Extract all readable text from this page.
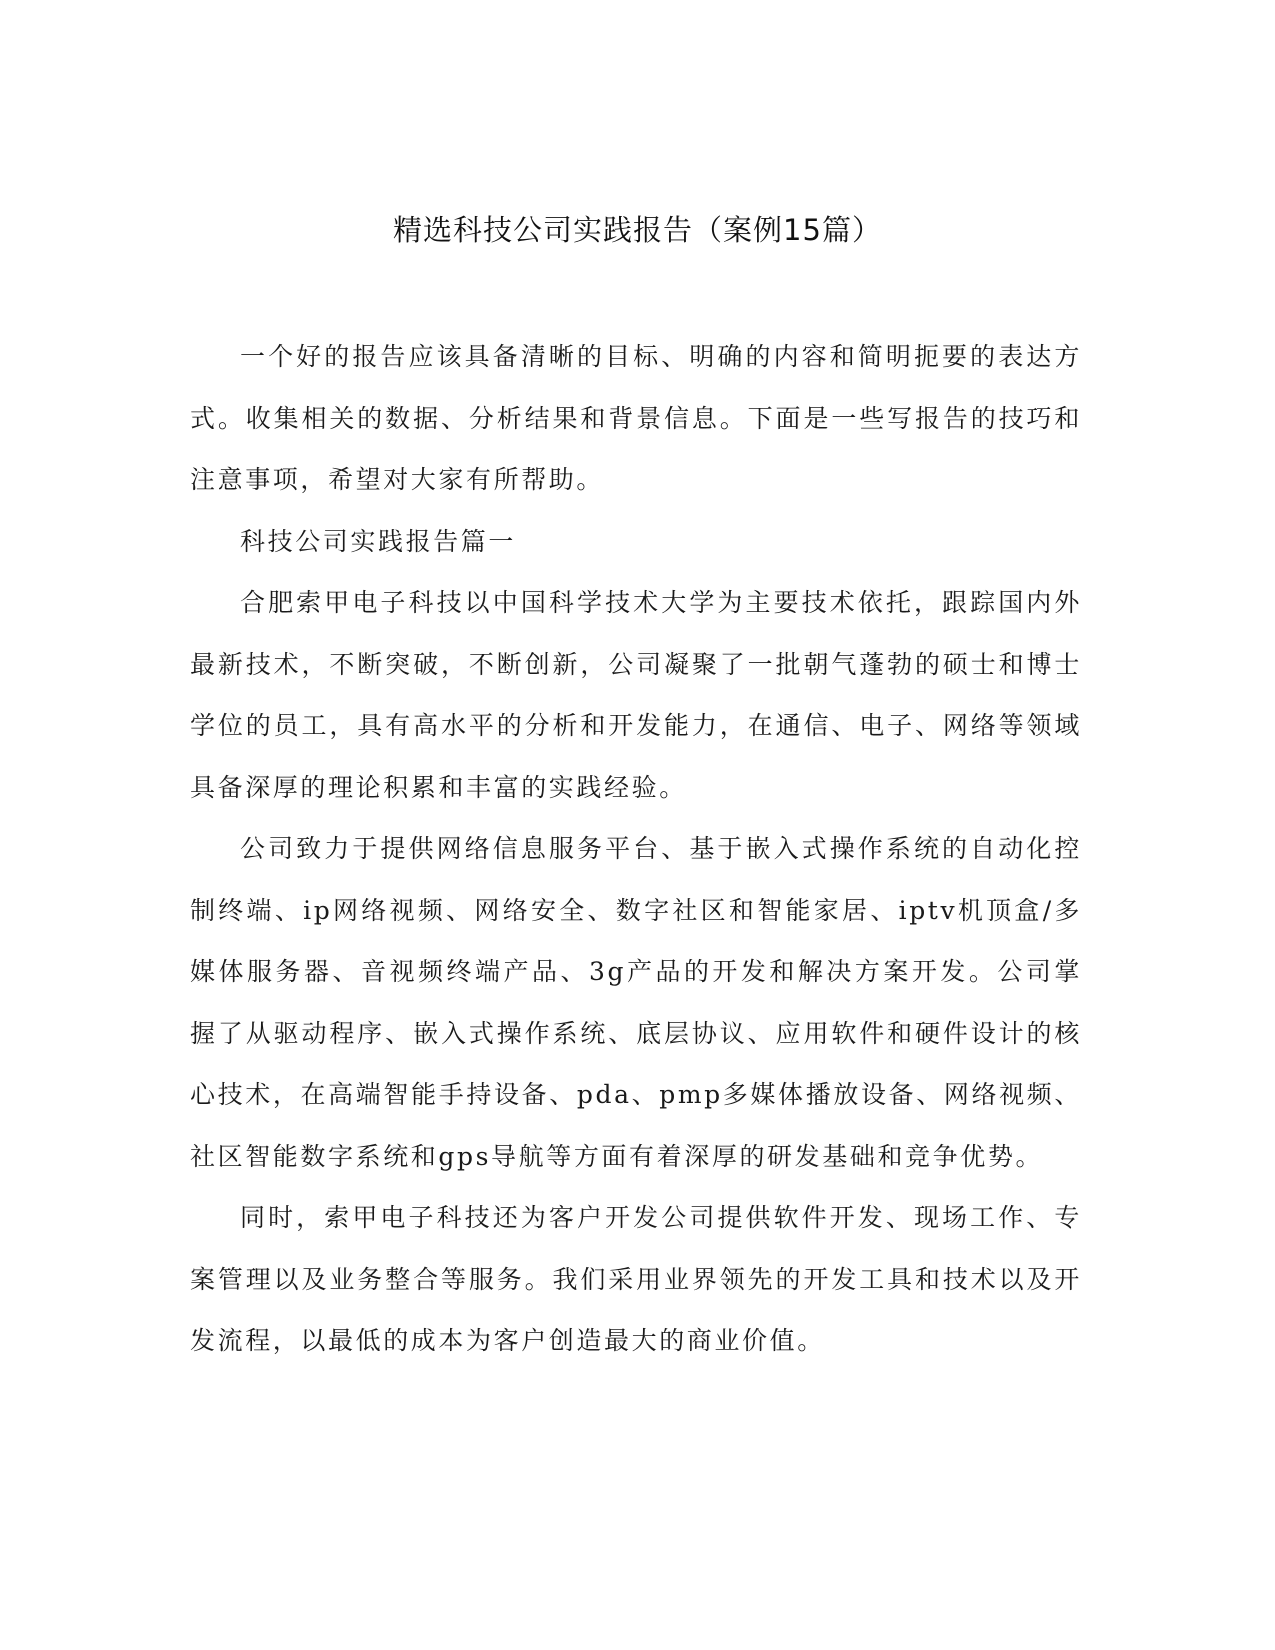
精选科技公司实践报告（案例15篇）

一个好的报告应该具备清晰的目标、明确的内容和简明扼要的表达方式。收集相关的数据、分析结果和背景信息。下面是一些写报告的技巧和注意事项，希望对大家有所帮助。

科技公司实践报告篇一

合肥索甲电子科技以中国科学技术大学为主要技术依托，跟踪国内外最新技术，不断突破，不断创新，公司凝聚了一批朝气蓬勃的硕士和博士学位的员工，具有高水平的分析和开发能力，在通信、电子、网络等领域具备深厚的理论积累和丰富的实践经验。

公司致力于提供网络信息服务平台、基于嵌入式操作系统的自动化控制终端、ip网络视频、网络安全、数字社区和智能家居、iptv机顶盒/多媒体服务器、音视频终端产品、3g产品的开发和解决方案开发。公司掌握了从驱动程序、嵌入式操作系统、底层协议、应用软件和硬件设计的核心技术，在高端智能手持设备、pda、pmp多媒体播放设备、网络视频、社区智能数字系统和gps导航等方面有着深厚的研发基础和竞争优势。

同时，索甲电子科技还为客户开发公司提供软件开发、现场工作、专案管理以及业务整合等服务。我们采用业界领先的开发工具和技术以及开发流程，以最低的成本为客户创造最大的商业价值。
